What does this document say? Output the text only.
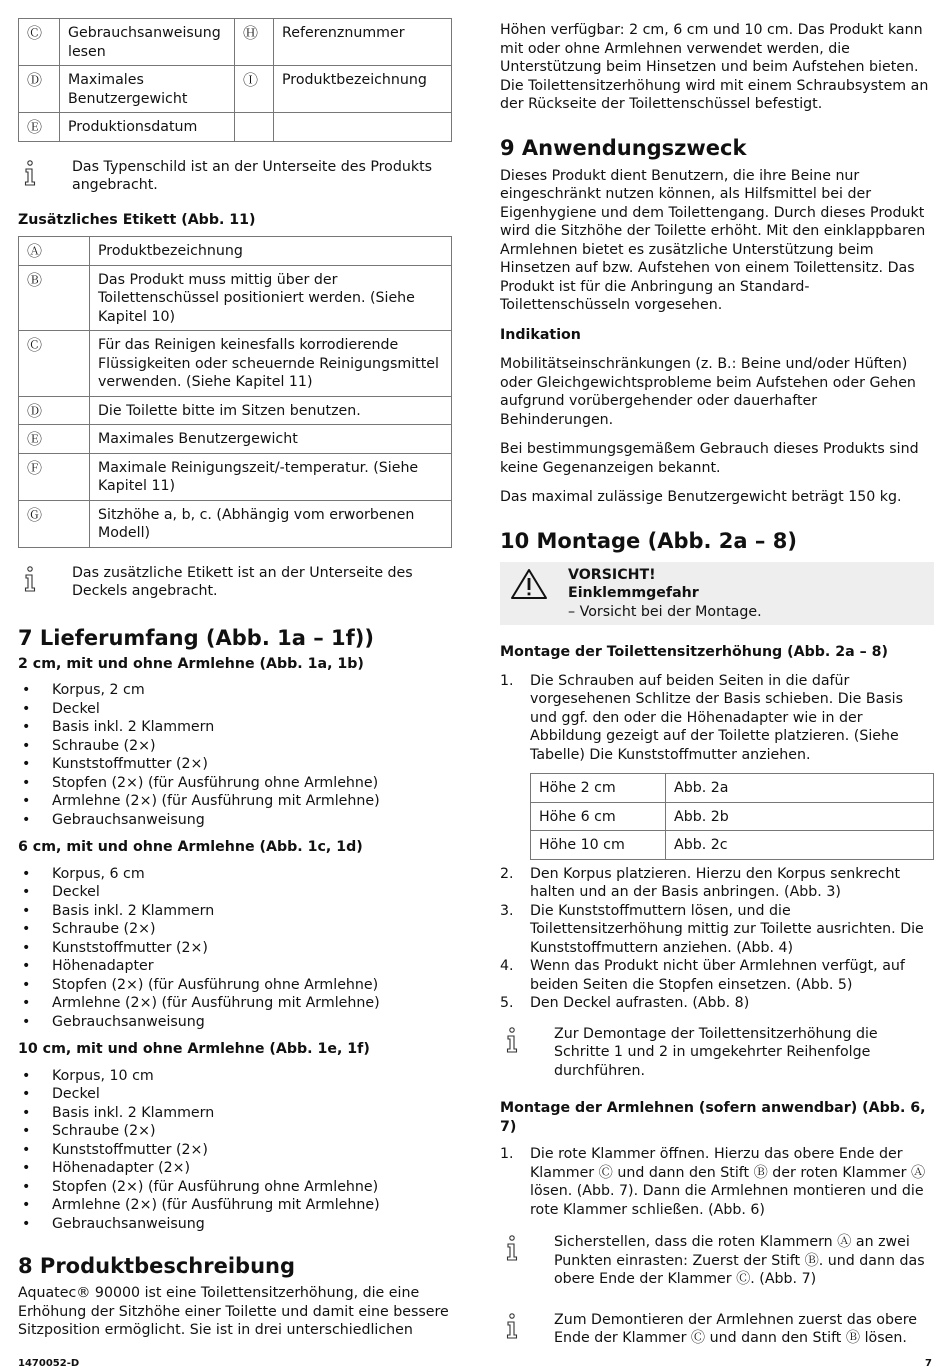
Ⓒ	Gebrauchsanweisung lesen	Ⓗ	Referenznummer
Ⓓ	Maximales Benutzergewicht	Ⓘ	Produktbezeichnung
Ⓔ	Produktionsdatum		

Das Typenschild ist an der Unterseite des Produkts angebracht.

Zusätzliches Etikett (Abb. 11)
Ⓐ	Produktbezeichnung
Ⓑ	Das Produkt muss mittig über der Toilettenschüssel positioniert werden. (Siehe Kapitel 10)
Ⓒ	Für das Reinigen keinesfalls korrodierende Flüssigkeiten oder scheuernde Reinigungsmittel verwenden. (Siehe Kapitel 11)
Ⓓ	Die Toilette bitte im Sitzen benutzen.
Ⓔ	Maximales Benutzergewicht
Ⓕ	Maximale Reinigungszeit/-temperatur. (Siehe Kapitel 11)
Ⓖ	Sitzhöhe a, b, c. (Abhängig vom erworbenen Modell)

Das zusätzliche Etikett ist an der Unterseite des Deckels angebracht.

7 Lieferumfang (Abb. 1a – 1f))
2 cm, mit und ohne Armlehne (Abb. 1a, 1b)
• Korpus, 2 cm
• Deckel
• Basis inkl. 2 Klammern
• Schraube (2×)
• Kunststoffmutter (2×)
• Stopfen (2×) (für Ausführung ohne Armlehne)
• Armlehne (2×) (für Ausführung mit Armlehne)
• Gebrauchsanweisung
6 cm, mit und ohne Armlehne (Abb. 1c, 1d)
• Korpus, 6 cm
• Deckel
• Basis inkl. 2 Klammern
• Schraube (2×)
• Kunststoffmutter (2×)
• Höhenadapter
• Stopfen (2×) (für Ausführung ohne Armlehne)
• Armlehne (2×) (für Ausführung mit Armlehne)
• Gebrauchsanweisung
10 cm, mit und ohne Armlehne (Abb. 1e, 1f)
• Korpus, 10 cm
• Deckel
• Basis inkl. 2 Klammern
• Schraube (2×)
• Kunststoffmutter (2×)
• Höhenadapter (2×)
• Stopfen (2×) (für Ausführung ohne Armlehne)
• Armlehne (2×) (für Ausführung mit Armlehne)
• Gebrauchsanweisung
8 Produktbeschreibung

Aquatec® 90000 ist eine Toilettensitzerhöhung, die eine Erhöhung der Sitzhöhe einer Toilette und damit eine bessere Sitzposition ermöglicht. Sie ist in drei unterschiedlichen

Höhen verfügbar: 2 cm, 6 cm und 10 cm. Das Produkt kann mit oder ohne Armlehnen verwendet werden, die Unterstützung beim Hinsetzen und beim Aufstehen bieten. Die Toilettensitzerhöhung wird mit einem Schraubsystem an der Rückseite der Toilettenschüssel befestigt.

9 Anwendungszweck

Dieses Produkt dient Benutzern, die ihre Beine nur eingeschränkt nutzen können, als Hilfsmittel bei der Eigenhygiene und dem Toilettengang. Durch dieses Produkt wird die Sitzhöhe der Toilette erhöht. Mit den einklappbaren Armlehnen bietet es zusätzliche Unterstützung beim Hinsetzen auf bzw. Aufstehen von einem Toilettensitz. Das Produkt ist für die Anbringung an Standard-Toilettenschüsseln vorgesehen.

Indikation

Mobilitätseinschränkungen (z. B.: Beine und/oder Hüften) oder Gleichgewichtsprobleme beim Aufstehen oder Gehen aufgrund vorübergehender oder dauerhafter Behinderungen.

Bei bestimmungsgemäßem Gebrauch dieses Produkts sind keine Gegenanzeigen bekannt.

Das maximal zulässige Benutzergewicht beträgt 150 kg.

10 Montage (Abb. 2a – 8)
VORSICHT!
Einklemmgefahr
– Vorsicht bei der Montage.
Montage der Toilettensitzerhöhung (Abb. 2a – 8)
1. Die Schrauben auf beiden Seiten in die dafür vorgesehenen Schlitze der Basis schieben. Die Basis und ggf. den oder die Höhenadapter wie in der Abbildung gezeigt auf der Toilette platzieren. (Siehe Tabelle) Die Kunststoffmutter anziehen.
Höhe 2 cm	Abb. 2a
Höhe 6 cm	Abb. 2b
Höhe 10 cm	Abb. 2c
2. Den Korpus platzieren. Hierzu den Korpus senkrecht halten und an der Basis anbringen. (Abb. 3)
3. Die Kunststoffmuttern lösen, und die Toilettensitzerhöhung mittig zur Toilette ausrichten. Die Kunststoffmuttern anziehen. (Abb. 4)
4. Wenn das Produkt nicht über Armlehnen verfügt, auf beiden Seiten die Stopfen einsetzen. (Abb. 5)
5. Den Deckel aufrasten. (Abb. 8)

Zur Demontage der Toilettensitzerhöhung die Schritte 1 und 2 in umgekehrter Reihenfolge durchführen.

Montage der Armlehnen (sofern anwendbar) (Abb. 6, 7)
1. Die rote Klammer öffnen. Hierzu das obere Ende der Klammer Ⓒ und dann den Stift Ⓑ der roten Klammer Ⓐ lösen. (Abb. 7). Dann die Armlehnen montieren und die rote Klammer schließen. (Abb. 6)

Sicherstellen, dass die roten Klammern Ⓐ an zwei Punkten einrasten: Zuerst der Stift Ⓑ. und dann das obere Ende der Klammer Ⓒ. (Abb. 7)

Zum Demontieren der Armlehnen zuerst das obere Ende der Klammer Ⓒ und dann den Stift Ⓑ lösen.

1470052-D	7
